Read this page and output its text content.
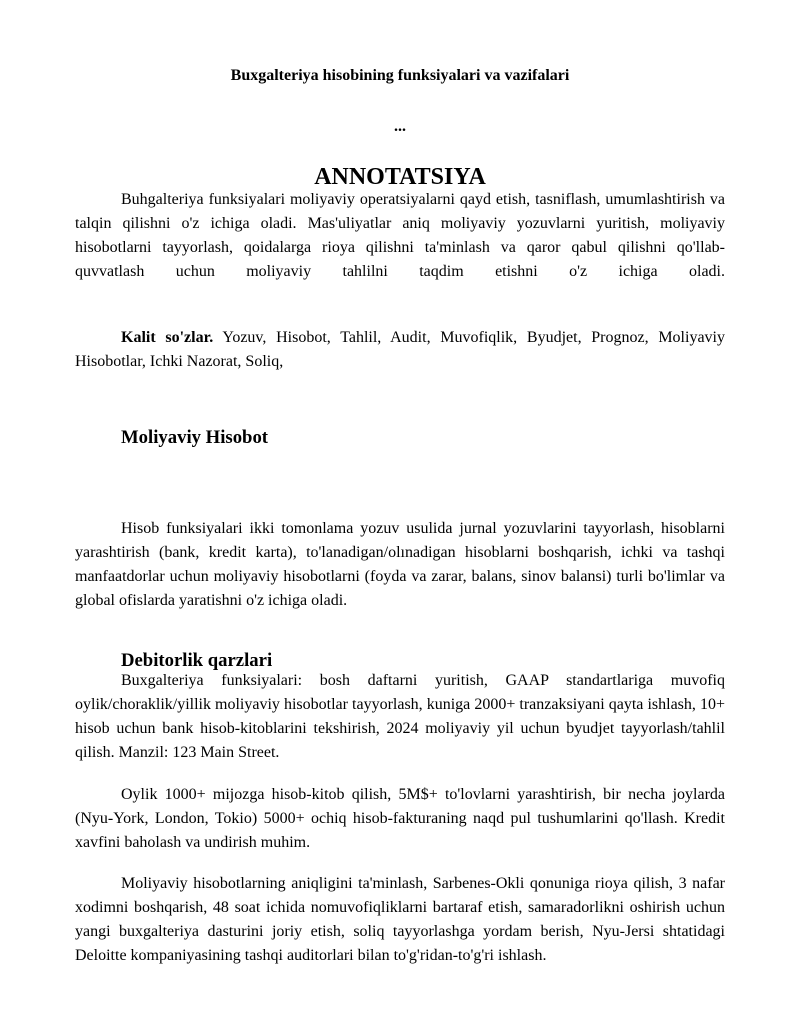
Buxgalteriya hisobining funksiyalari va vazifalari

...

ANNOTATSIYA

Buhgalteriya funksiyalari moliyaviy operatsiyalarni qayd etish, tasniflash, umumlashtirish va talqin qilishni o'z ichiga oladi. Mas'uliyatlar aniq moliyaviy yozuvlarni yuritish, moliyaviy hisobotlarni tayyorlash, qoidalarga rioya qilishni ta'minlash va qaror qabul qilishni qo'llab-quvvatlash uchun moliyaviy tahlilni taqdim etishni o'z ichiga oladi.

Kalit so'zlar. Yozuv, Hisobot, Tahlil, Audit, Muvofiqlik, Byudjet, Prognoz, Moliyaviy Hisobotlar, Ichki Nazorat, Soliq,

Moliyaviy Hisobot

Hisob funksiyalari ikki tomonlama yozuv usulida jurnal yozuvlarini tayyorlash, hisoblarni yarashtirish (bank, kredit karta), to'lanadigan/olınadigan hisoblarni boshqarish, ichki va tashqi manfaatdorlar uchun moliyaviy hisobotlarni (foyda va zarar, balans, sinov balansi) turli bo'limlar va global ofislarda yaratishni o'z ichiga oladi.

Debitorlik qarzlari

Buxgalteriya funksiyalari: bosh daftarni yuritish, GAAP standartlariga muvofiq oylik/choraklik/yillik moliyaviy hisobotlar tayyorlash, kuniga 2000+ tranzaksiyani qayta ishlash, 10+ hisob uchun bank hisob-kitoblarini tekshirish, 2024 moliyaviy yil uchun byudjet tayyorlash/tahlil qilish. Manzil: 123 Main Street.

Oylik 1000+ mijozga hisob-kitob qilish, 5M$+ to'lovlarni yarashtirish, bir necha joylarda (Nyu-York, London, Tokio) 5000+ ochiq hisob-fakturaning naqd pul tushumlarini qo'llash. Kredit xavfini baholash va undirish muhim.

Moliyaviy hisobotlarning aniqligini ta'minlash, Sarbenes-Okli qonuniga rioya qilish, 3 nafar xodimni boshqarish, 48 soat ichida nomuvofiqliklarni bartaraf etish, samaradorlikni oshirish uchun yangi buxgalteriya dasturini joriy etish, soliq tayyorlashga yordam berish, Nyu-Jersi shtatidagi Deloitte kompaniyasining tashqi auditorlari bilan to'g'ridan-to'g'ri ishlash.
